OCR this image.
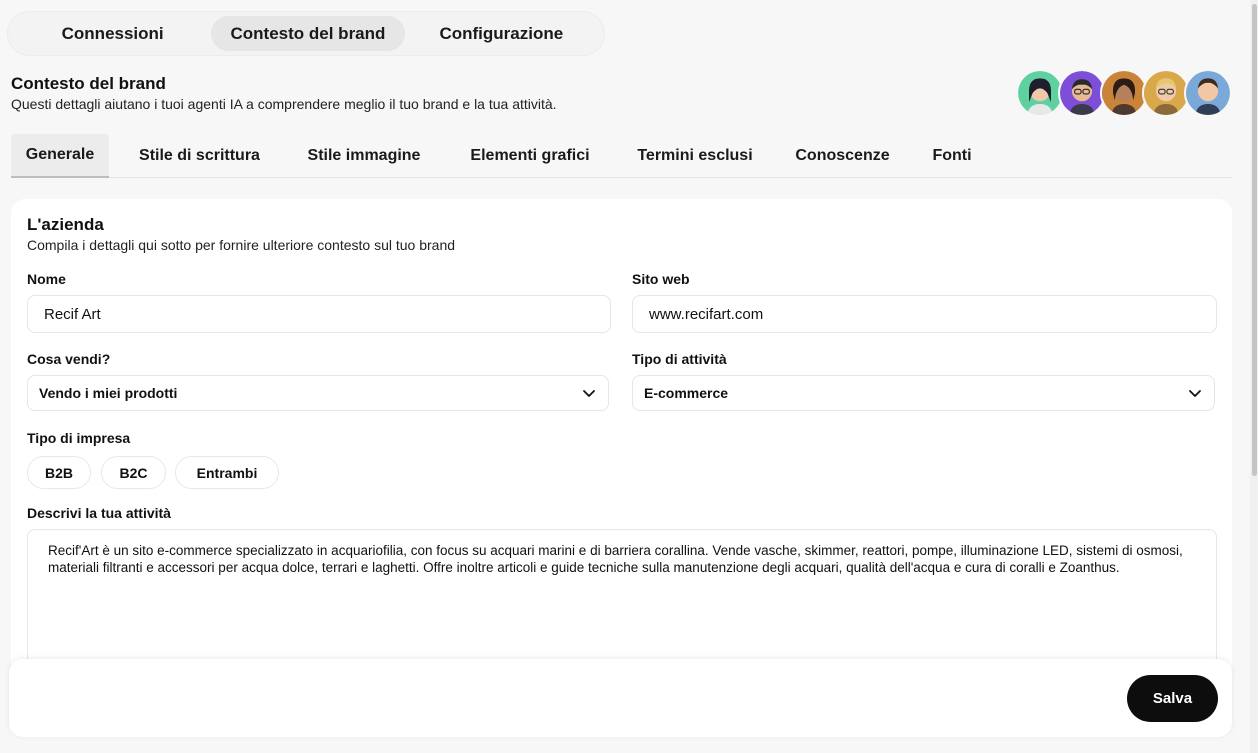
Connessioni	Contesto del brand	Configurazione
Contesto del brand
Questi dettagli aiutano i tuoi agenti IA a comprendere meglio il tuo brand e la tua attività.
Generale	Stile di scrittura	Stile immagine	Elementi grafici	Termini esclusi	Conoscenze	Fonti
L'azienda
Compila i dettagli qui sotto per fornire ulteriore contesto sul tuo brand
Nome
Recif Art
Sito web
www.recifart.com
Cosa vendi?
Vendo i miei prodotti
Tipo di attività
E-commerce
Tipo di impresa
B2B	B2C	Entrambi
Descrivi la tua attività
Recif'Art è un sito e-commerce specializzato in acquariofilia, con focus su acquari marini e di barriera corallina. Vende vasche, skimmer, reattori, pompe, illuminazione LED, sistemi di osmosi, materiali filtranti e accessori per acqua dolce, terrari e laghetti. Offre inoltre articoli e guide tecniche sulla manutenzione degli acquari, qualità dell'acqua e cura di coralli e Zoanthus.
Salva
